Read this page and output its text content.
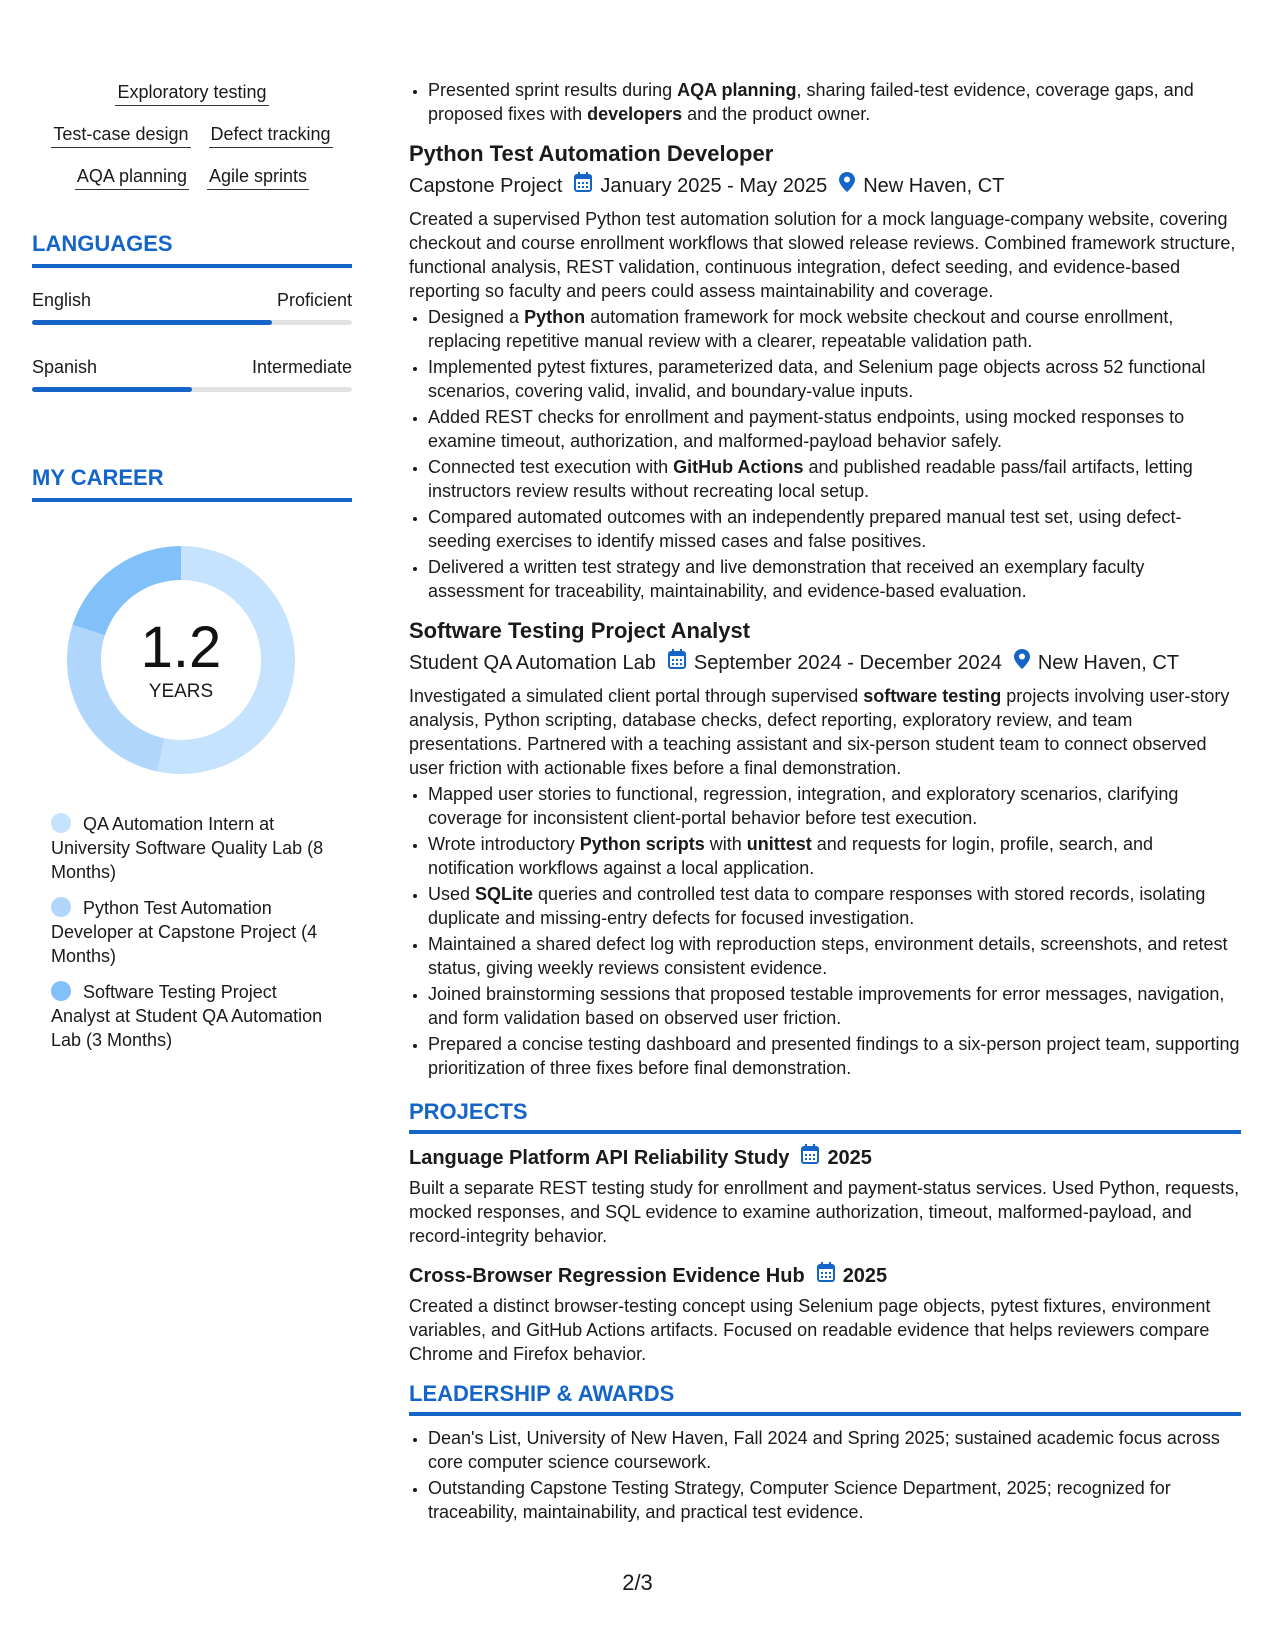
Exploratory testing
Test-case design Defect tracking
AQA planning Agile sprints
LANGUAGES
English	Proficient
Spanish	Intermediate
MY CAREER
1.2
YEARS
QA Automation Intern at University Software Quality Lab (8 Months)
Python Test Automation Developer at Capstone Project (4 Months)
Software Testing Project Analyst at Student QA Automation Lab (3 Months)
• Presented sprint results during AQA planning, sharing failed-test evidence, coverage gaps, and proposed fixes with developers and the product owner.
Python Test Automation Developer
Capstone Project January 2025 - May 2025 New Haven, CT

Created a supervised Python test automation solution for a mock language-company website, covering checkout and course enrollment workflows that slowed release reviews. Combined framework structure, functional analysis, REST validation, continuous integration, defect seeding, and evidence-based reporting so faculty and peers could assess maintainability and coverage.

• Designed a Python automation framework for mock website checkout and course enrollment, replacing repetitive manual review with a clearer, repeatable validation path.
• Implemented pytest fixtures, parameterized data, and Selenium page objects across 52 functional scenarios, covering valid, invalid, and boundary-value inputs.
• Added REST checks for enrollment and payment-status endpoints, using mocked responses to examine timeout, authorization, and malformed-payload behavior safely.
• Connected test execution with GitHub Actions and published readable pass/fail artifacts, letting instructors review results without recreating local setup.
• Compared automated outcomes with an independently prepared manual test set, using defect-seeding exercises to identify missed cases and false positives.
• Delivered a written test strategy and live demonstration that received an exemplary faculty assessment for traceability, maintainability, and evidence-based evaluation.
Software Testing Project Analyst
Student QA Automation Lab September 2024 - December 2024 New Haven, CT

Investigated a simulated client portal through supervised software testing projects involving user-story analysis, Python scripting, database checks, defect reporting, exploratory review, and team presentations. Partnered with a teaching assistant and six-person student team to connect observed user friction with actionable fixes before a final demonstration.

• Mapped user stories to functional, regression, integration, and exploratory scenarios, clarifying coverage for inconsistent client-portal behavior before test execution.
• Wrote introductory Python scripts with unittest and requests for login, profile, search, and notification workflows against a local application.
• Used SQLite queries and controlled test data to compare responses with stored records, isolating duplicate and missing-entry defects for focused investigation.
• Maintained a shared defect log with reproduction steps, environment details, screenshots, and retest status, giving weekly reviews consistent evidence.
• Joined brainstorming sessions that proposed testable improvements for error messages, navigation, and form validation based on observed user friction.
• Prepared a concise testing dashboard and presented findings to a six-person project team, supporting prioritization of three fixes before final demonstration.
PROJECTS
Language Platform API Reliability Study 2025

Built a separate REST testing study for enrollment and payment-status services. Used Python, requests, mocked responses, and SQL evidence to examine authorization, timeout, malformed-payload, and record-integrity behavior.

Cross-Browser Regression Evidence Hub 2025

Created a distinct browser-testing concept using Selenium page objects, pytest fixtures, environment variables, and GitHub Actions artifacts. Focused on readable evidence that helps reviewers compare Chrome and Firefox behavior.

LEADERSHIP & AWARDS
• Dean's List, University of New Haven, Fall 2024 and Spring 2025; sustained academic focus across core computer science coursework.
• Outstanding Capstone Testing Strategy, Computer Science Department, 2025; recognized for traceability, maintainability, and practical test evidence.
2/3
